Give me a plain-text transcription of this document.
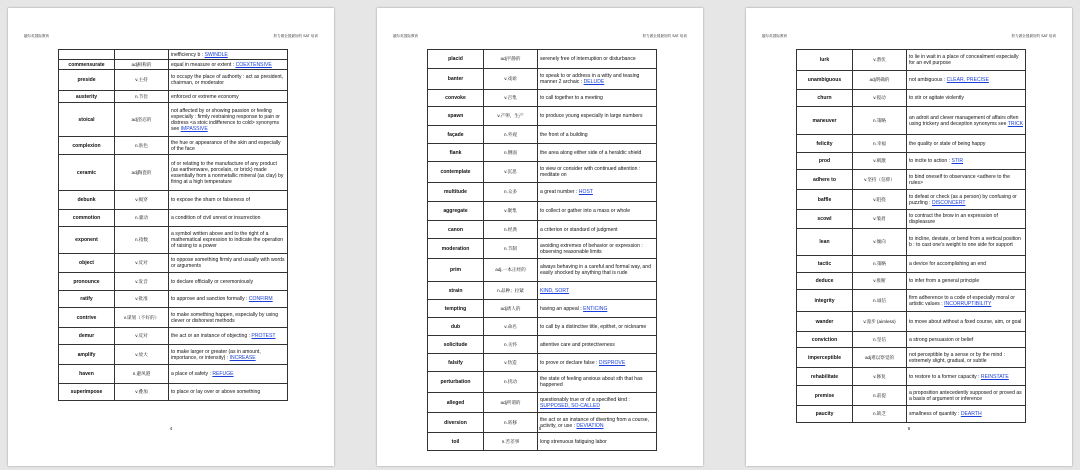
趣尔英国际教育	努力做全国最好的 SAT 培训
		inefficiency b : SWINDLE
commensurate	adj相称的	equal in measure or extent : COEXTENSIVE
preside	v.主持	to occupy the place of authority : act as president, chairman, or moderator
austerity	n.节俭	enforced or extreme economy
stoical	adj坚忍的	not affected by or showing passion or feeling especially : firmly restraining response to pain or distress <a stoic indifference to cold> synonyms see IMPASSIVE
complexion	n.肤色	the hue or appearance of the skin and especially of the face
ceramic	adj陶瓷的	of or relating to the manufacture of any product (as earthenware, porcelain, or brick) made essentially from a nonmetallic mineral (as clay) by firing at a high temperature
debunk	v.揭穿	to expose the sham or falseness of
commotion	n.骚动	a condition of civil unrest or insurrection
exponent	n.指数	a symbol written above and to the right of a mathematical expression to indicate the operation of raising to a power
object	v.反对	to oppose something firmly and usually with words or arguments
pronounce	v.发音	to declare officially or ceremoniously
ratify	v.批准	to approve and sanction formally : CONFIRM
contrive	v.谋划（不好的）	to make something happen, especially by using clever or dishonest methods
demur	v.反对	the act or an instance of objecting : PROTEST
amplify	v.放大	to make larger or greater (as in amount, importance, or intensity) : INCREASE
haven	n.避风港	a place of safety : REFUGE
superimpose	v.叠加	to place or lay over or above something
4
趣尔英国际教育	努力做全国最好的 SAT 培训
placid	adj平静的	serenely free of interruption or disturbance
banter	v.戏谑	to speak to or address in a witty and teasing manner 2 archaic : DELUDE
convoke	v.召集	to call together to a meeting
spawn	v.产卵，生产	to produce young especially in large numbers
façade	n.外观	the front of a building
flank	n.侧面	the area along either side of a heraldic shield
contemplate	v.沉思	to view or consider with continued attention : meditate on
multitude	n.众多	a great number : HOST
aggregate	v.聚集	to collect or gather into a mass or whole
canon	n.经典	a criterion or standard of judgment
moderation	n.节制	avoiding extremes of behavior or expression : observing reasonable limits
prim	adj.一本正经的	always behaving in a careful and formal way, and easily shocked by anything that is rude
strain	n.品种；拉紧	KIND, SORT
tempting	adj诱人的	having an appeal : ENTICING
dub	v.命名	to call by a distinctive title, epithet, or nickname
solicitude	n.关怀	attentive care and protectiveness
falsify	v.伪造	to prove or declare false : DISPROVE
perturbation	n.扰动	the state of feeling anxious about sth that has happened
alleged	adj所谓的	questionably true or of a specified kind : SUPPOSED, SO-CALLED
diversion	n.转移	the act or an instance of diverting from a course, activity, or use : DEVIATION
toil	n.苦差事	long strenuous fatiguing labor
5
趣尔英国际教育	努力做全国最好的 SAT 培训
lurk	v.潜伏	to lie in wait in a place of concealment especially for an evil purpose
unambiguous	adj明确的	not ambiguous : CLEAR, PRECISE
churn	v.搅动	to stir or agitate violently
maneuver	n.策略	an adroit and clever management of affairs often using trickery and deception synonyms see TRICK
felicity	n.幸福	the quality or state of being happy
prod	v.刺激	to incite to action : STIR
adhere to	v.坚持（信仰）	to bind oneself to observance <adhere to the rules>
baffle	v.阻挠	to defeat or check (as a person) by confusing or puzzling : DISCONCERT
scowl	v.皱眉	to contract the brow in an expression of displeasure
lean	v.倾向	to incline, deviate, or bend from a vertical position b : to cast one's weight to one side for support
tactic	n.策略	a device for accomplishing an end
deduce	v.推断	to infer from a general principle
integrity	n.诚信	firm adherence to a code of especially moral or artistic values : INCORRUPTIBILITY
wander	v.漫步 (aimless)	to move about without a fixed course, aim, or goal
conviction	n.坚信	a strong persuasion or belief
imperceptible	adj难以察觉的	not perceptible by a sense or by the mind : extremely slight, gradual, or subtle
rehabilitate	v.修复	to restore to a former capacity : REINSTATE
premise	n.前提	a proposition antecedently supposed or proved as a basis of argument or inference
paucity	n.缺乏	smallness of quantity : DEARTH
6
